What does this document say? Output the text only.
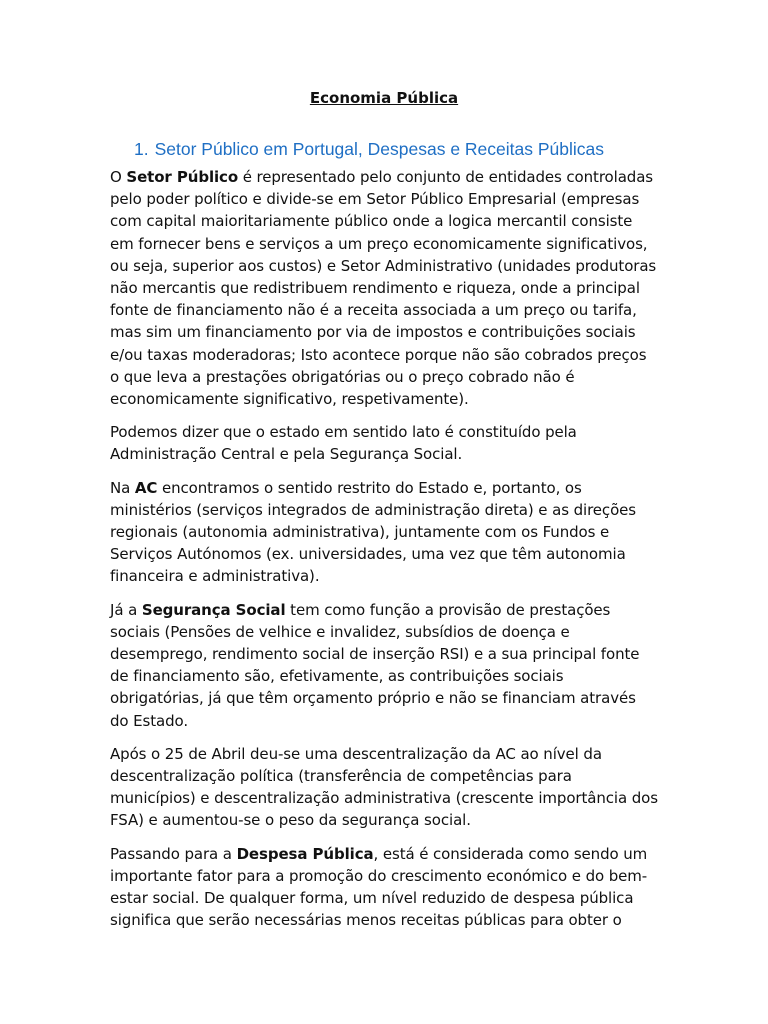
Economia Pública
1. Setor Público em Portugal, Despesas e Receitas Públicas

O Setor Público é representado pelo conjunto de entidades controladas pelo poder político e divide-se em Setor Público Empresarial (empresas com capital maioritariamente público onde a logica mercantil consiste em fornecer bens e serviços a um preço economicamente significativos, ou seja, superior aos custos) e Setor Administrativo (unidades produtoras não mercantis que redistribuem rendimento e riqueza, onde a principal fonte de financiamento não é a receita associada a um preço ou tarifa, mas sim um financiamento por via de impostos e contribuições sociais e/ou taxas moderadoras; Isto acontece porque não são cobrados preços o que leva a prestações obrigatórias ou o preço cobrado não é economicamente significativo, respetivamente).

Podemos dizer que o estado em sentido lato é constituído pela Administração Central e pela Segurança Social.

Na AC encontramos o sentido restrito do Estado e, portanto, os ministérios (serviços integrados de administração direta) e as direções regionais (autonomia administrativa), juntamente com os Fundos e Serviços Autónomos (ex. universidades, uma vez que têm autonomia financeira e administrativa).

Já a Segurança Social tem como função a provisão de prestações sociais (Pensões de velhice e invalidez, subsídios de doença e desemprego, rendimento social de inserção RSI) e a sua principal fonte de financiamento são, efetivamente, as contribuições sociais obrigatórias, já que têm orçamento próprio e não se financiam através do Estado.

Após o 25 de Abril deu-se uma descentralização da AC ao nível da descentralização política (transferência de competências para municípios) e descentralização administrativa (crescente importância dos FSA) e aumentou-se o peso da segurança social.

Passando para a Despesa Pública, está é considerada como sendo um importante fator para a promoção do crescimento económico e do bem-estar social. De qualquer forma, um nível reduzido de despesa pública significa que serão necessárias menos receitas públicas para obter o
